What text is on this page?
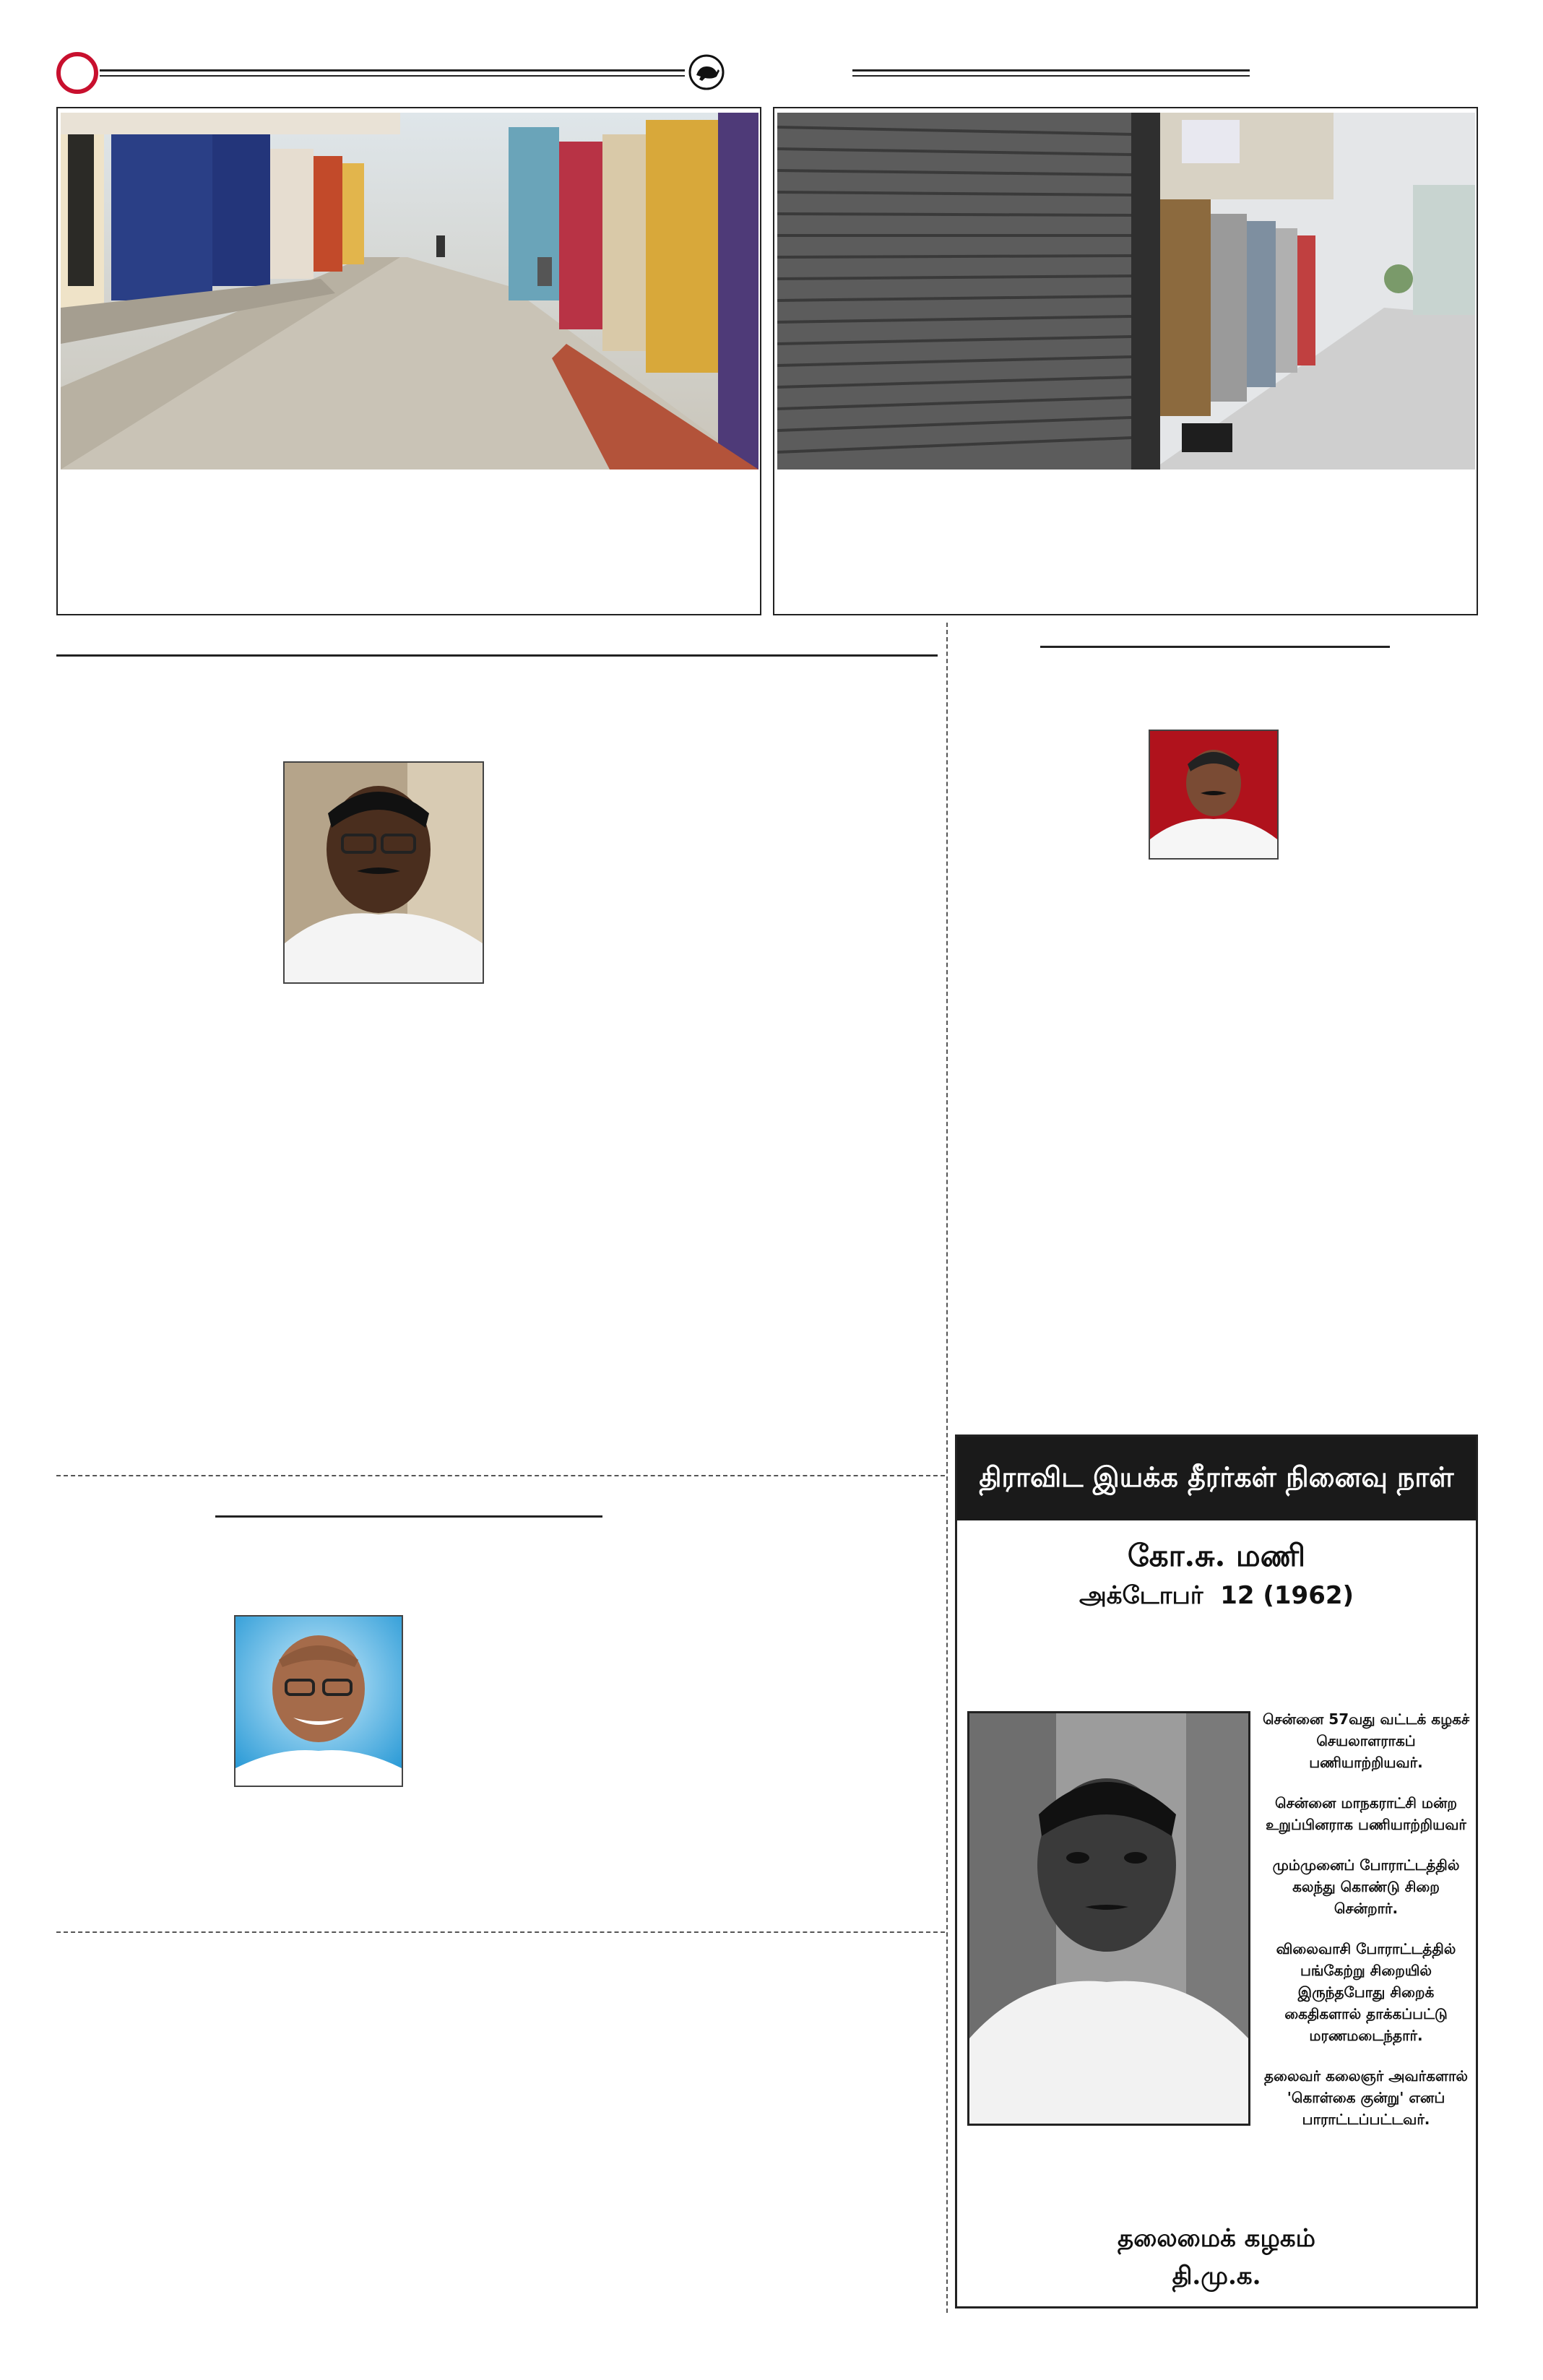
திராவிட இயக்க தீரர்கள் நினைவு நாள்
கோ.சு. மணி
அக்டோபர்  12 (1962)

சென்னை 57வது வட்டக் கழகச் செயலாளராகப் பணியாற்றியவர்.

சென்னை மாநகராட்சி மன்ற உறுப்பினராக பணியாற்றியவர்

மும்முனைப் போராட்டத்தில் கலந்து கொண்டு சிறை சென்றார்.

விலைவாசி போராட்டத்தில் பங்கேற்று சிறையில் இருந்தபோது சிறைக் கைதிகளால் தாக்கப்பட்டு மரணமடைந்தார்.

தலைவர் கலைஞர் அவர்களால் 'கொள்கை குன்று' எனப் பாராட்டப்பட்டவர்.

தலைமைக் கழகம்
தி.மு.க.
